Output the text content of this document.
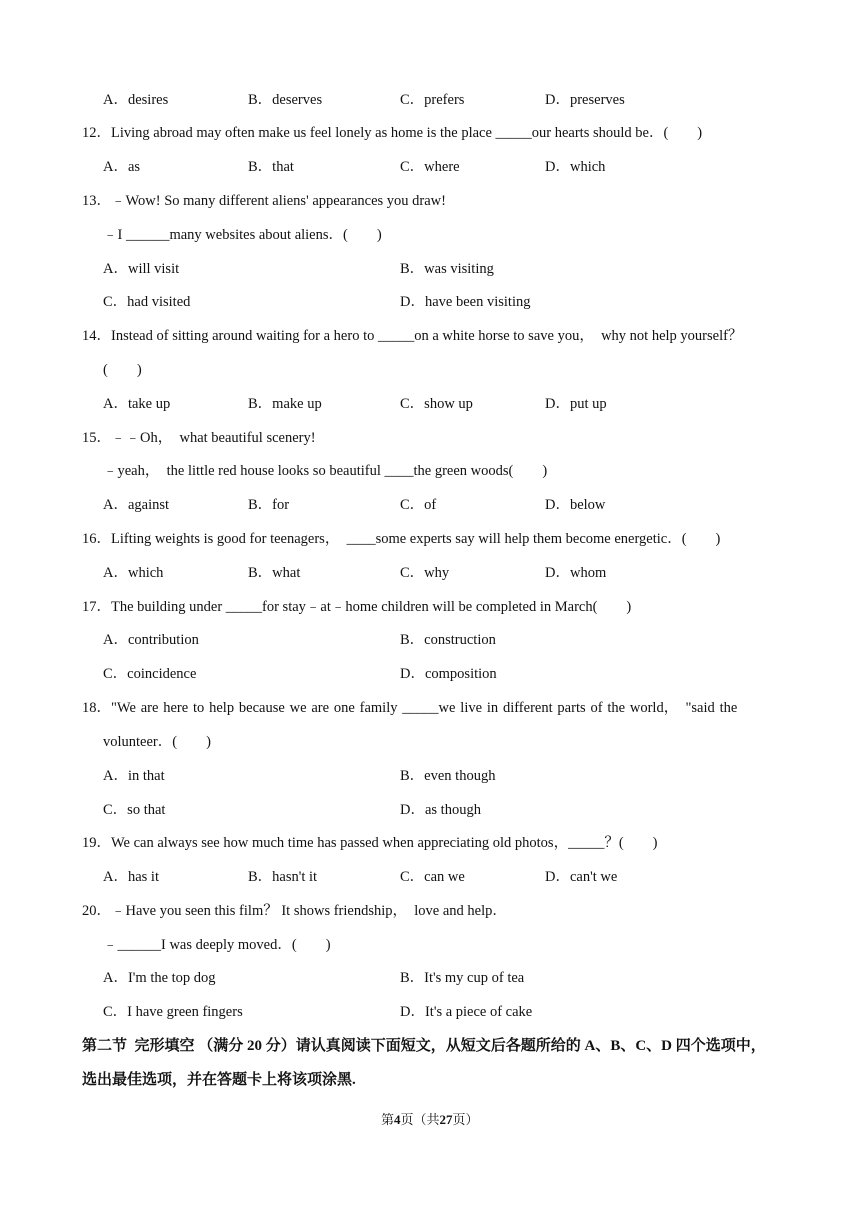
A．desires	B．deserves	C．prefers	D．preserves
12．Living abroad may often make us feel lonely as home is the place _____our hearts should be．(　　)
A．as	B．that	C．where	D．which
13．﹣Wow! So many different aliens' appearances you draw!
﹣I ______many websites about aliens．(　　)
A．will visit	B．was visiting
C．had visited	D．have been visiting
14．Instead of sitting around waiting for a hero to _____on a white horse to save you，　why not help yourself？
(　　)
A．take up	B．make up	C．show up	D．put up
15．﹣﹣Oh，　what beautiful scenery!
﹣yeah，　the little red house looks so beautiful ____the green woods(　　)
A．against	B．for	C．of	D．below
16．Lifting weights is good for teenagers，　____some experts say will help them become energetic．(　　)
A．which	B．what	C．why	D．whom
17．The building under _____for stay﹣at﹣home children will be completed in March(　　)
A．contribution	B．construction
C．coincidence	D．composition
18．"We are here to help because we are one family _____we live in different parts of the world，　"said the
volunteer．(　　)
A．in that	B．even though
C．so that	D．as though
19．We can always see how much time has passed when appreciating old photos，_____？(　　)
A．has it	B．hasn't it	C．can we	D．can't we
20．﹣Have you seen this film？ It shows friendship，　love and help．
﹣______I was deeply moved．(　　)
A．I'm the top dog	B．It's my cup of tea
C．I have green fingers	D．It's a piece of cake
第二节  完形填空 （满分 20 分）请认真阅读下面短文，从短文后各题所给的 A、B、C、D 四个选项中，
选出最佳选项，并在答题卡上将该项涂黑.
第4页（共27页）
